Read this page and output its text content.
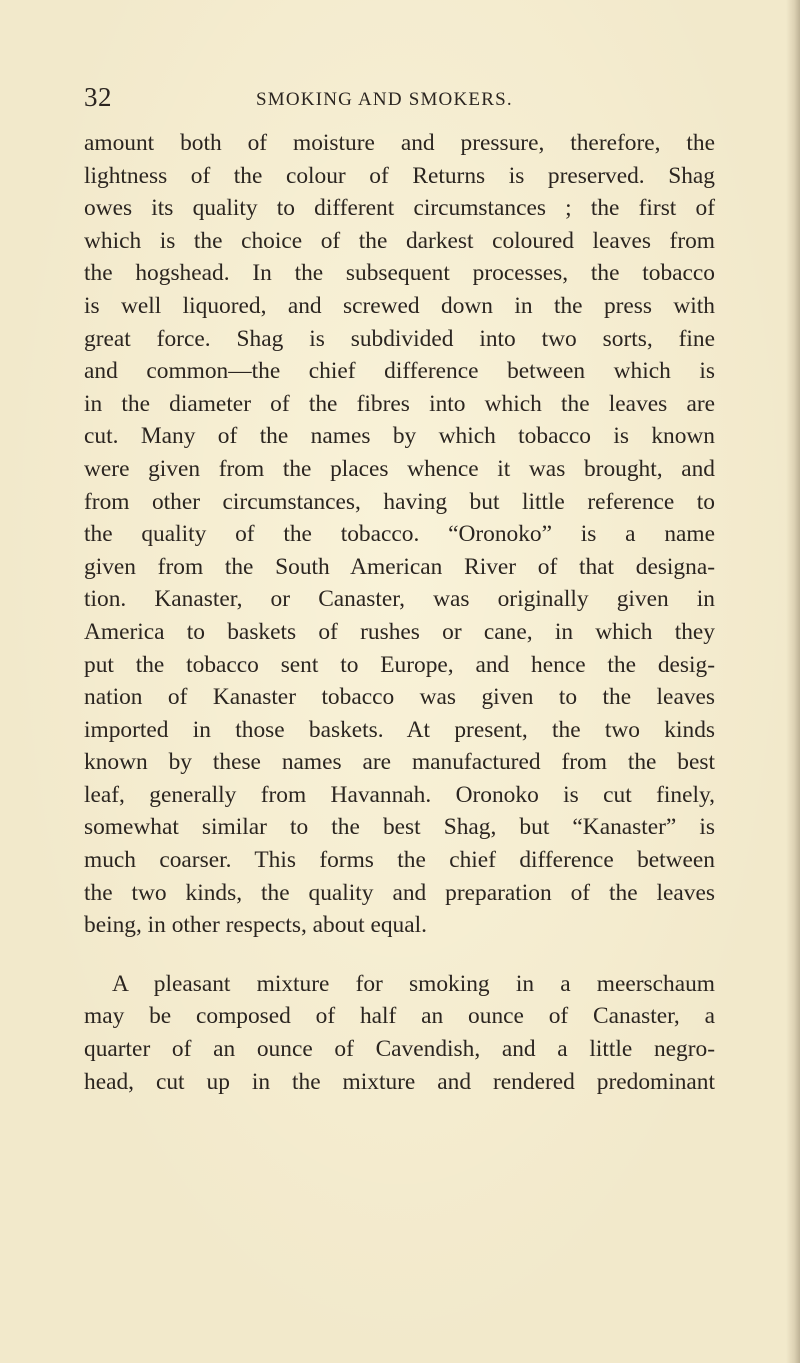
32	SMOKING AND SMOKERS.
amount both of moisture and pressure, therefore, the
lightness of the colour of Returns is preserved. Shag
owes its quality to different circumstances ; the first of
which is the choice of the darkest coloured leaves from
the hogshead. In the subsequent processes, the tobacco
is well liquored, and screwed down in the press with
great force. Shag is subdivided into two sorts, fine
and common—the chief difference between which is
in the diameter of the fibres into which the leaves are
cut. Many of the names by which tobacco is known
were given from the places whence it was brought, and
from other circumstances, having but little reference to
the quality of the tobacco. “Oronoko” is a name
given from the South American River of that designa-
tion. Kanaster, or Canaster, was originally given in
America to baskets of rushes or cane, in which they
put the tobacco sent to Europe, and hence the desig-
nation of Kanaster tobacco was given to the leaves
imported in those baskets. At present, the two kinds
known by these names are manufactured from the best
leaf, generally from Havannah. Oronoko is cut finely,
somewhat similar to the best Shag, but “Kanaster” is
much coarser. This forms the chief difference between
the two kinds, the quality and preparation of the leaves
being, in other respects, about equal.
A pleasant mixture for smoking in a meerschaum
may be composed of half an ounce of Canaster, a
quarter of an ounce of Cavendish, and a little negro-
head, cut up in the mixture and rendered predominant
